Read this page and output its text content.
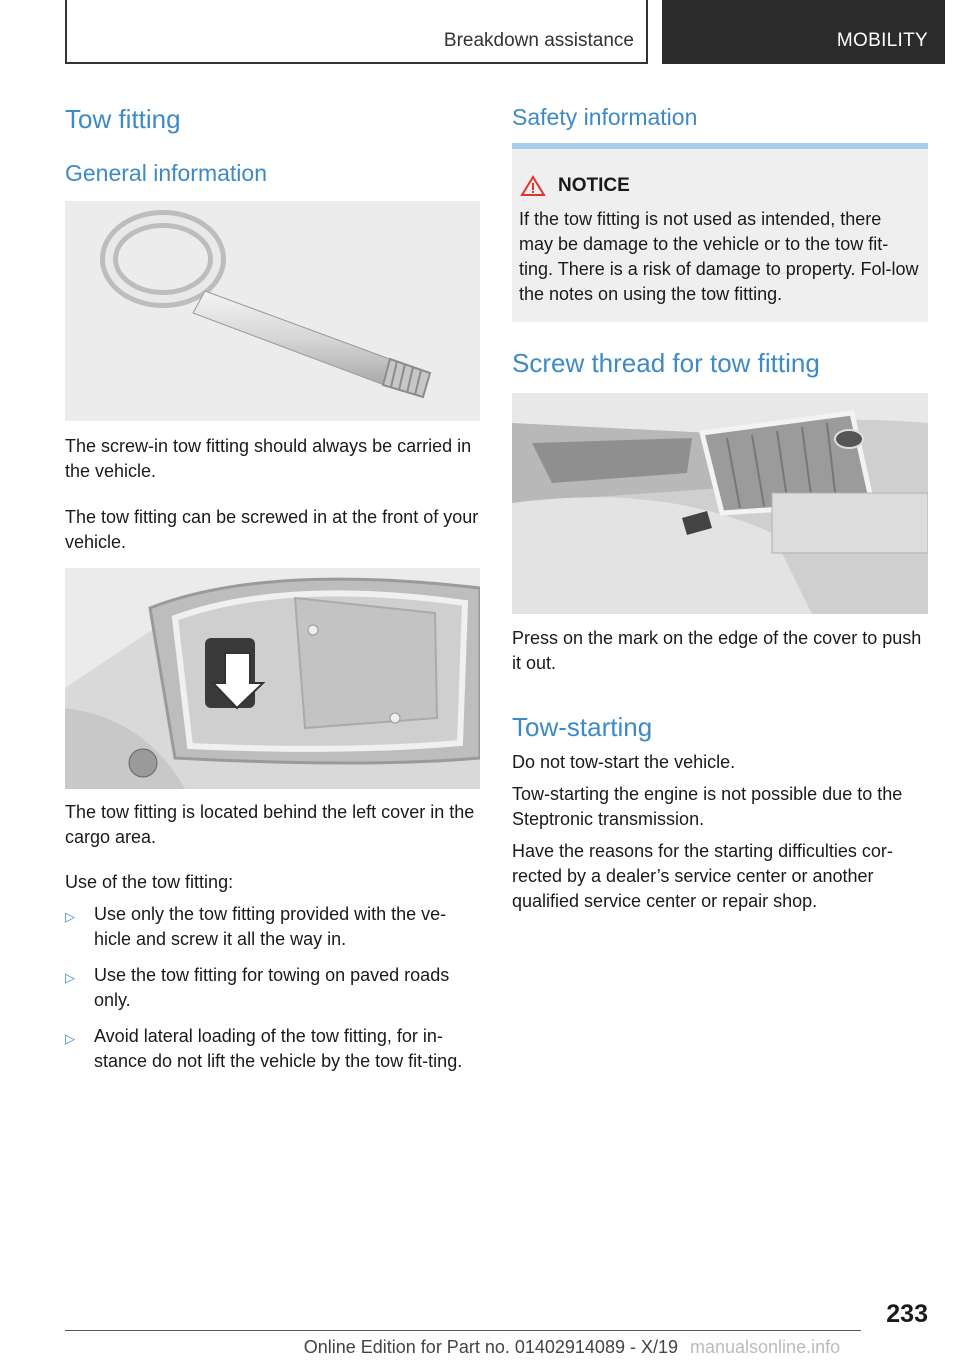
Breakdown assistance	MOBILITY
Tow fitting
General information

The screw-in tow fitting should always be carried in the vehicle.

The tow fitting can be screwed in at the front of your vehicle.

The tow fitting is located behind the left cover in the cargo area.

Use of the tow fitting:

▷ Use only the tow fitting provided with the ve-hicle and screw it all the way in.
▷ Use the tow fitting for towing on paved roads only.
▷ Avoid lateral loading of the tow fitting, for in-stance do not lift the vehicle by the tow fit-ting.
Safety information
NOTICE

If the tow fitting is not used as intended, there may be damage to the vehicle or to the tow fit-ting. There is a risk of damage to property. Fol-low the notes on using the tow fitting.

Screw thread for tow fitting

Press on the mark on the edge of the cover to push it out.

Tow-starting

Do not tow-start the vehicle.

Tow-starting the engine is not possible due to the Steptronic transmission.

Have the reasons for the starting difficulties cor-rected by a dealer’s service center or another qualified service center or repair shop.

233
Online Edition for Part no. 01402914089 - X/19 manualsonline.info
